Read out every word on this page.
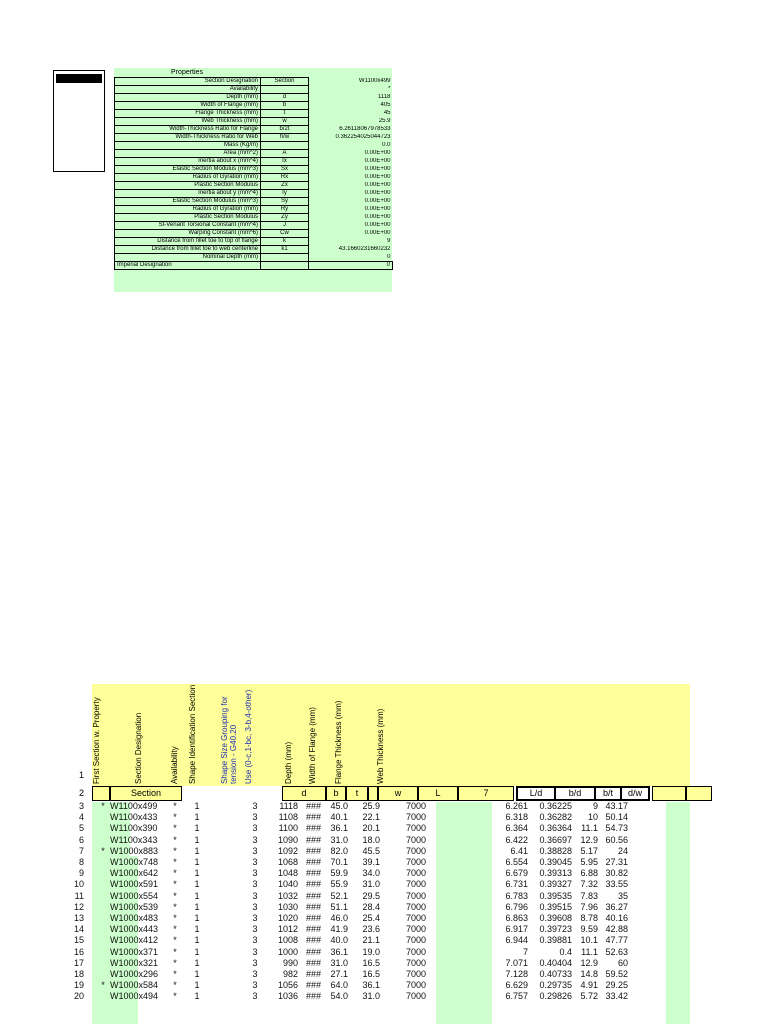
Properties
Section Designation	Section	W1100x499
Availability		*
Depth (mm)	d	1118
Width of Flange (mm)	b	405
Flange Thickness (mm)	t	45
Web Thickness (mm)	w	25.9
Width-Thickness Ratio for Flange	b/2t	6.26118067978533
Width-Thickness Ratio for Web	h/w	0.362254025044723
Mass (Kg/m)		0.0
Area (mm^2)	A	0.00E+00
Inertia about x (mm^4)	Ix	0.00E+00
Elastic Section Modulus (mm^3)	Sx	0.00E+00
Radius of Gyration (mm)	Rx	0.00E+00
Plastic Section Modulus	Zx	0.00E+00
Inertia about y (mm^4)	Iy	0.00E+00
Elastic Section Modulus (mm^3)	Sy	0.00E+00
Radius of Gyration (mm)	Ry	0.00E+00
Plastic Section Modulus	Zy	0.00E+00
St-Venant Torsional Constant (mm^4)	J	0.00E+00
Warping Constant (mm^6)	Cw	0.00E+00
Distance from fillet toe to top of flange	k	9
Distance from fillet toe to web centerline	k1	43.1660231660232
Nominal Depth (mm)		0
Imperial Designation		0
First Section w. Property	Section Designation	Availability	Shape Identification Section	Shape Size Grouping for tension - G40.20 Use (0-c,1-bc, 3-b,4-other)	Depth (mm)	Width of Flange (mm)	Flange Thickness (mm)	Web Thickness (mm)
1
2	Section	d	b	t	w	L	7	L/d	b/d	b/t	d/w
3	* W1100x499	*	1	3	1118 ###	45.0	25.9	7000	6.261	0.36225	9 43.17
4	W1100x433	*	1	3	1108 ###	40.1	22.1	7000	6.318	0.36282	10 50.14
5	W1100x390	*	1	3	1100 ###	36.1	20.1	7000	6.364	0.36364	11.1 54.73
6	W1100x343	*	1	3	1090 ###	31.0	18.0	7000	6.422	0.36697 12.9 60.56
7	* W1000x883	*	1	3	1092 ###	82.0	45.5	7000	6.41	0.38828 5.17	24
8	W1000x748	*	1	3	1068 ###	70.1	39.1	7000	6.554	0.39045 5.95 27.31
9	W1000x642	*	1	3	1048 ###	59.9	34.0	7000	6.679	0.39313 6.88 30.82
10	W1000x591	*	1	3	1040 ###	55.9	31.0	7000	6.731	0.39327 7.32 33.55
11	W1000x554	*	1	3	1032 ###	52.1	29.5	7000	6.783	0.39535 7.83	35
12	W1000x539	*	1	3	1030 ###	51.1	28.4	7000	6.796	0.39515 7.96 36.27
13	W1000x483	*	1	3	1020 ###	46.0	25.4	7000	6.863	0.39608 8.78 40.16
14	W1000x443	*	1	3	1012 ###	41.9	23.6	7000	6.917	0.39723 9.59 42.88
15	W1000x412	*	1	3	1008 ###	40.0	21.1	7000	6.944	0.39881 10.1 47.77
16	W1000x371	*	1	3	1000 ###	36.1	19.0	7000	7	0.4	11.1 52.63
17	W1000x321	*	1	3	990 ###	31.0	16.5	7000	7.071	0.40404 12.9	60
18	W1000x296	*	1	3	982 ###	27.1	16.5	7000	7.128	0.40733 14.8 59.52
19	* W1000x584	*	1	3	1056 ###	64.0	36.1	7000	6.629	0.29735 4.91 29.25
20	W1000x494	*	1	3	1036 ###	54.0	31.0	7000	6.757	0.29826 5.72 33.42
